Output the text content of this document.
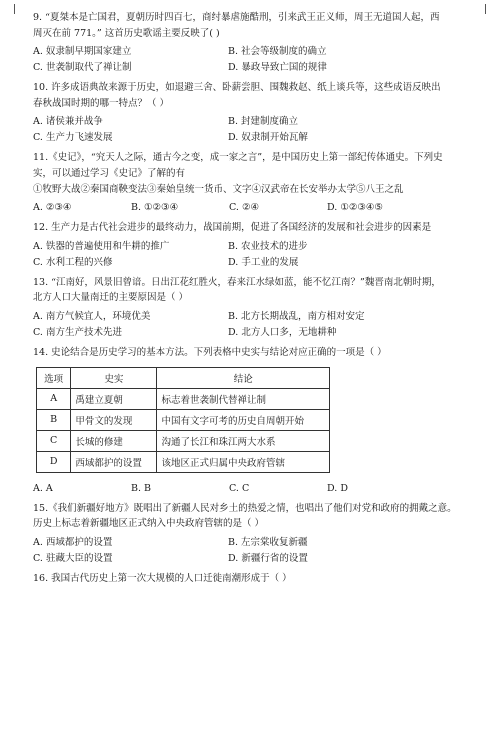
9. “夏桀本是亡国君，夏朝历时四百七，商纣暴虐施酷刑，引来武王正义师，周王无道国人起，西

周灭在前 771。” 这首历史歌谣主要反映了( )

A. 奴隶制早期国家建立	B. 社会等级制度的确立
C. 世袭制取代了禅让制	D. 暴政导致亡国的规律

10. 许多成语典故来源于历史，如退避三舍、卧薪尝胆、围魏救赵、纸上谈兵等，这些成语反映出

春秋战国时期的哪一特点？（ ）

A. 诸侯兼并战争	B. 封建制度确立
C. 生产力飞速发展	D. 奴隶制开始瓦解

11.《史记》，“究天人之际，通古今之变，成一家之言”，是中国历史上第一部纪传体通史。下列史

实，可以通过学习《史记》了解的有

①牧野大战②秦国商鞅变法③秦始皇统一货币、文字④汉武帝在长安举办太学⑤八王之乱

A. ②③④	B. ①②③④	C. ②④	D. ①②③④⑤

12. 生产力是古代社会进步的最终动力，战国前期，促进了各国经济的发展和社会进步的因素是

A. 铁器的普遍使用和牛耕的推广	B. 农业技术的进步
C. 水利工程的兴修	D. 手工业的发展

13. “江南好，风景旧曾谙。日出江花红胜火，春来江水绿如蓝，能不忆江南？”魏晋南北朝时期，

北方人口大量南迁的主要原因是（ ）

A. 南方气候宜人，环境优美	B. 北方长期战乱，南方相对安定
C. 南方生产技术先进	D. 北方人口多，无地耕种

14. 史论结合是历史学习的基本方法。下列表格中史实与结论对应正确的一项是（ ）

选项	史实	结论
A	禹建立夏朝	标志着世袭制代替禅让制
B	甲骨文的发现	中国有文字可考的历史自周朝开始
C	长城的修建	沟通了长江和珠江两大水系
D	西域都护的设置	该地区正式归属中央政府管辖
A. A	B. B	C. C	D. D

15.《我们新疆好地方》既唱出了新疆人民对乡土的热爱之情，也唱出了他们对党和政府的拥戴之意。

历史上标志着新疆地区正式纳入中央政府管辖的是（ ）

A. 西域都护的设置	B. 左宗棠收复新疆
C. 驻藏大臣的设置	D. 新疆行省的设置

16. 我国古代历史上第一次大规模的人口迁徙南潮形成于（ ）
